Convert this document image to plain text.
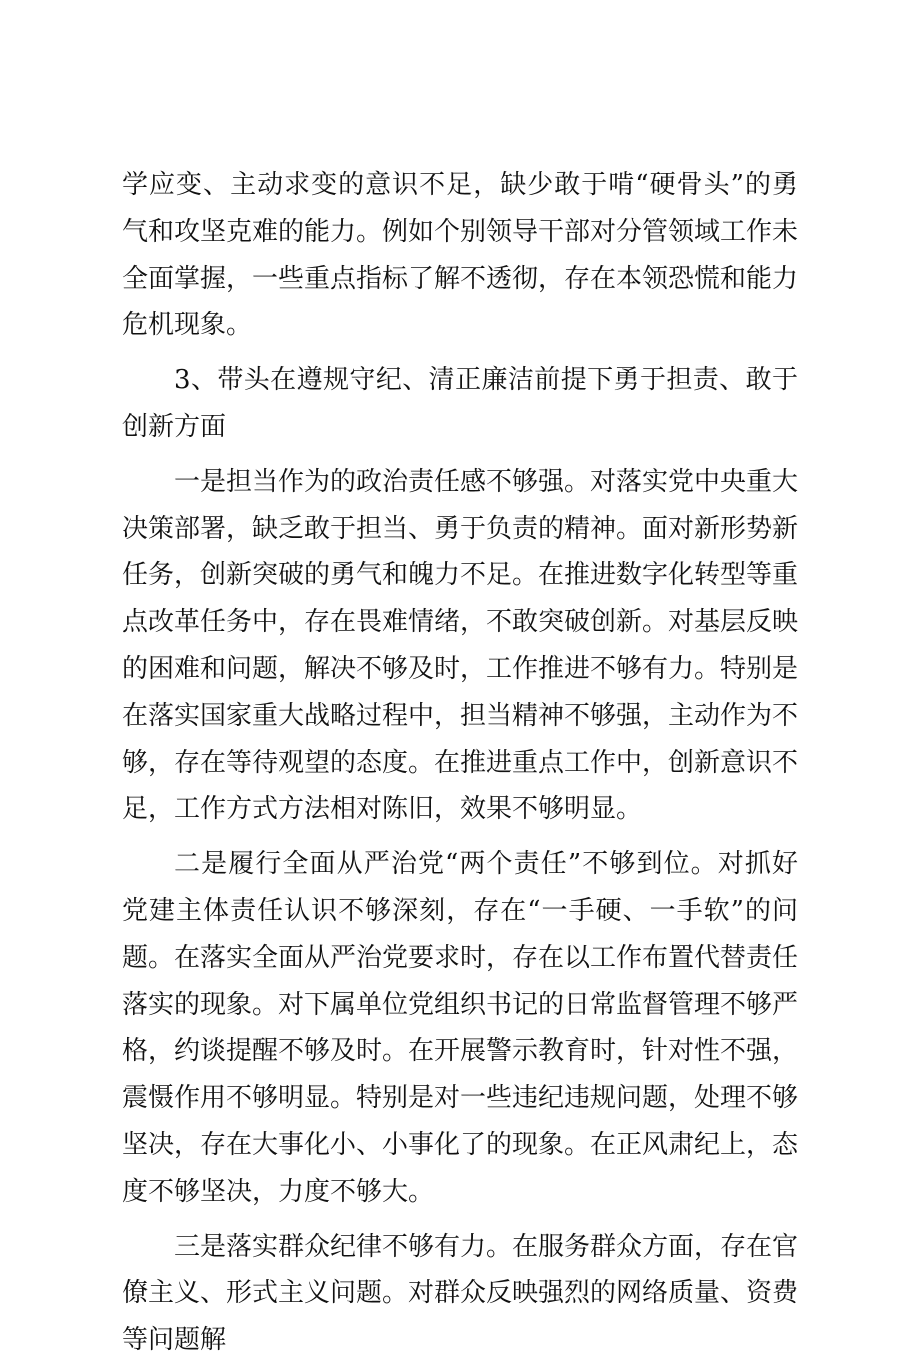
学应变、主动求变的意识不足，缺少敢于啃“硬骨头”的勇气和攻坚克难的能力。例如个别领导干部对分管领域工作未全面掌握，一些重点指标了解不透彻，存在本领恐慌和能力危机现象。

3、带头在遵规守纪、清正廉洁前提下勇于担责、敢于创新方面

一是担当作为的政治责任感不够强。对落实党中央重大决策部署，缺乏敢于担当、勇于负责的精神。面对新形势新任务，创新突破的勇气和魄力不足。在推进数字化转型等重点改革任务中，存在畏难情绪，不敢突破创新。对基层反映的困难和问题，解决不够及时，工作推进不够有力。特别是在落实国家重大战略过程中，担当精神不够强，主动作为不够，存在等待观望的态度。在推进重点工作中，创新意识不足，工作方式方法相对陈旧，效果不够明显。

二是履行全面从严治党“两个责任”不够到位。对抓好党建主体责任认识不够深刻，存在“一手硬、一手软”的问题。在落实全面从严治党要求时，存在以工作布置代替责任落实的现象。对下属单位党组织书记的日常监督管理不够严格，约谈提醒不够及时。在开展警示教育时，针对性不强，震慑作用不够明显。特别是对一些违纪违规问题，处理不够坚决，存在大事化小、小事化了的现象。在正风肃纪上，态度不够坚决，力度不够大。

三是落实群众纪律不够有力。在服务群众方面，存在官僚主义、形式主义问题。对群众反映强烈的网络质量、资费等问题解
